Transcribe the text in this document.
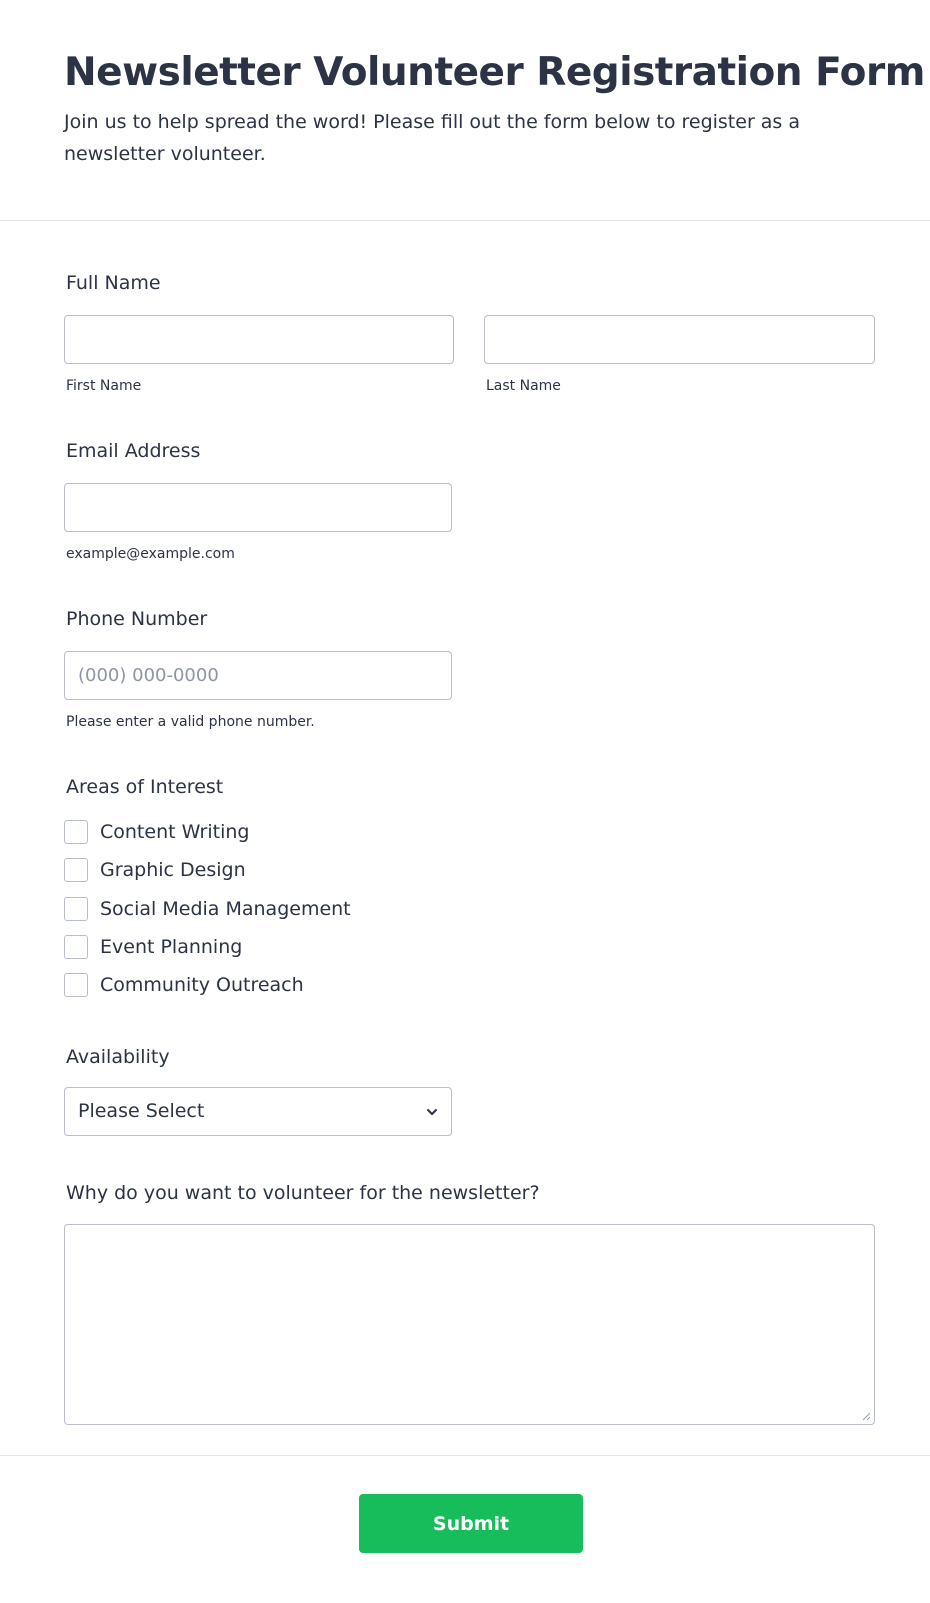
Newsletter Volunteer Registration Form

Join us to help spread the word! Please fill out the form below to register as a newsletter volunteer.

Full Name
First Name	Last Name
Email Address
example@example.com
Phone Number
(000) 000-0000
Please enter a valid phone number.
Areas of Interest
Content Writing
Graphic Design
Social Media Management
Event Planning
Community Outreach
Availability
Please Select
Why do you want to volunteer for the newsletter?
Submit
